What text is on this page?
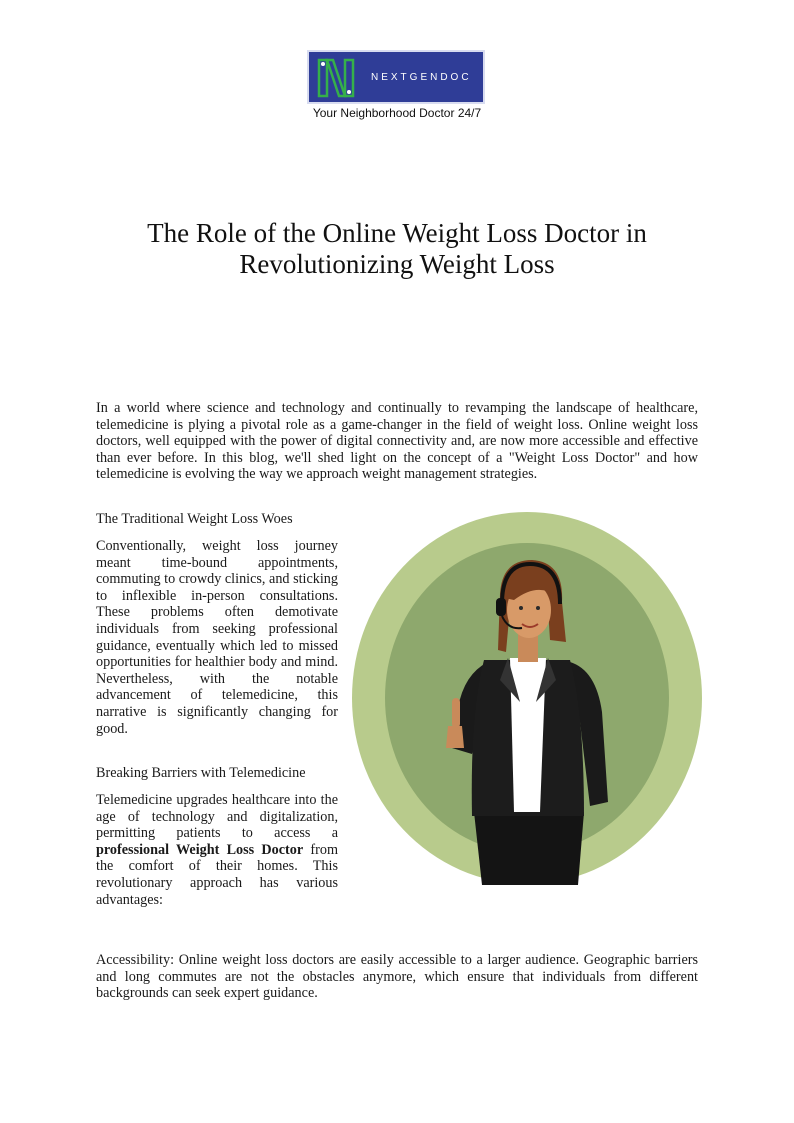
NEXTGENDOC
Your Neighborhood Doctor 24/7
The Role of the Online Weight Loss Doctor in Revolutionizing Weight Loss

In a world where science and technology and continually to revamping the landscape of healthcare, telemedicine is plying a pivotal role as a game-changer in the field of weight loss. Online weight loss doctors, well equipped with the power of digital connectivity and, are now more accessible and effective than ever before. In this blog, we'll shed light on the concept of a "Weight Loss Doctor" and how telemedicine is evolving the way we approach weight management strategies.

The Traditional Weight Loss Woes

Conventionally, weight loss journey meant time-bound appointments, commuting to crowdy clinics, and sticking to inflexible in-person consultations. These problems often demotivate individuals from seeking professional guidance, eventually which led to missed opportunities for healthier body and mind. Nevertheless, with the notable advancement of telemedicine, this narrative is significantly changing for good.

Breaking Barriers with Telemedicine

Telemedicine upgrades healthcare into the age of technology and digitalization, permitting patients to access a professional Weight Loss Doctor from the comfort of their homes. This revolutionary approach has various advantages:

Accessibility: Online weight loss doctors are easily accessible to a larger audience. Geographic barriers and long commutes are not the obstacles anymore, which ensure that individuals from different backgrounds can seek expert guidance.
